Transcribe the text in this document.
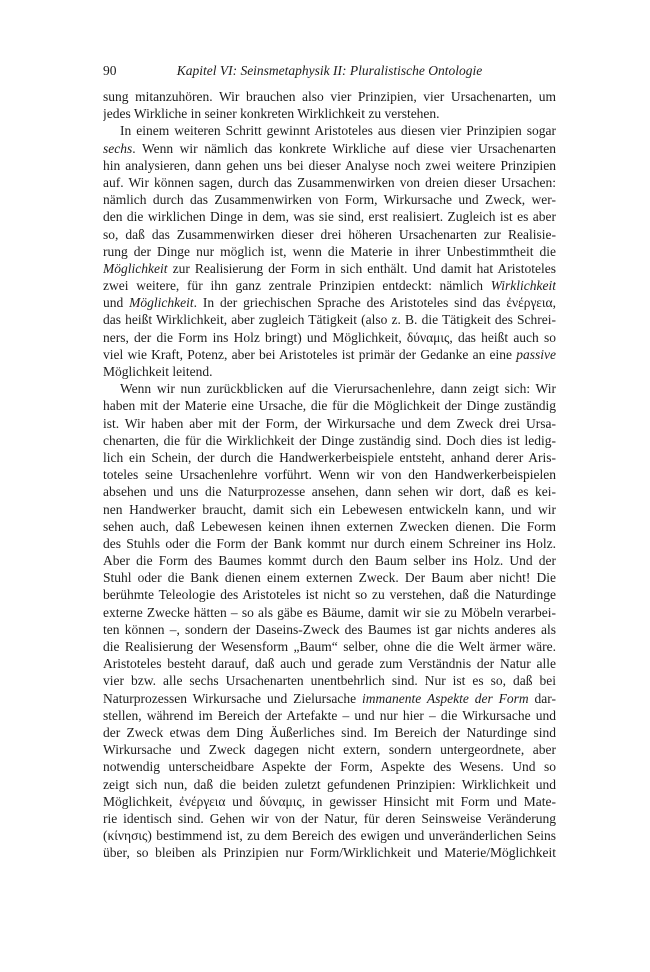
90	Kapitel VI: Seinsmetaphysik II: Pluralistische Ontologie
sung mitanzuhören. Wir brauchen also vier Prinzipien, vier Ursachenarten, um
jedes Wirkliche in seiner konkreten Wirklichkeit zu verstehen.
In einem weiteren Schritt gewinnt Aristoteles aus diesen vier Prinzipien sogar
sechs. Wenn wir nämlich das konkrete Wirkliche auf diese vier Ursachenarten
hin analysieren, dann gehen uns bei dieser Analyse noch zwei weitere Prinzipien
auf. Wir können sagen, durch das Zusammenwirken von dreien dieser Ursachen:
nämlich durch das Zusammenwirken von Form, Wirkursache und Zweck, wer-
den die wirklichen Dinge in dem, was sie sind, erst realisiert. Zugleich ist es aber
so, daß das Zusammenwirken dieser drei höheren Ursachenarten zur Realisie-
rung der Dinge nur möglich ist, wenn die Materie in ihrer Unbestimmtheit die
Möglichkeit zur Realisierung der Form in sich enthält. Und damit hat Aristoteles
zwei weitere, für ihn ganz zentrale Prinzipien entdeckt: nämlich Wirklichkeit
und Möglichkeit. In der griechischen Sprache des Aristoteles sind das ἐνέργεια,
das heißt Wirklichkeit, aber zugleich Tätigkeit (also z. B. die Tätigkeit des Schrei-
ners, der die Form ins Holz bringt) und Möglichkeit, δύναμις, das heißt auch so
viel wie Kraft, Potenz, aber bei Aristoteles ist primär der Gedanke an eine passive
Möglichkeit leitend.
Wenn wir nun zurückblicken auf die Vierursachenlehre, dann zeigt sich: Wir
haben mit der Materie eine Ursache, die für die Möglichkeit der Dinge zuständig
ist. Wir haben aber mit der Form, der Wirkursache und dem Zweck drei Ursa-
chenarten, die für die Wirklichkeit der Dinge zuständig sind. Doch dies ist ledig-
lich ein Schein, der durch die Handwerkerbeispiele entsteht, anhand derer Aris-
toteles seine Ursachenlehre vorführt. Wenn wir von den Handwerkerbeispielen
absehen und uns die Naturprozesse ansehen, dann sehen wir dort, daß es kei-
nen Handwerker braucht, damit sich ein Lebewesen entwickeln kann, und wir
sehen auch, daß Lebewesen keinen ihnen externen Zwecken dienen. Die Form
des Stuhls oder die Form der Bank kommt nur durch einem Schreiner ins Holz.
Aber die Form des Baumes kommt durch den Baum selber ins Holz. Und der
Stuhl oder die Bank dienen einem externen Zweck. Der Baum aber nicht! Die
berühmte Teleologie des Aristoteles ist nicht so zu verstehen, daß die Naturdinge
externe Zwecke hätten – so als gäbe es Bäume, damit wir sie zu Möbeln verarbei-
ten können –, sondern der Daseins-Zweck des Baumes ist gar nichts anderes als
die Realisierung der Wesensform „Baum“ selber, ohne die die Welt ärmer wäre.
Aristoteles besteht darauf, daß auch und gerade zum Verständnis der Natur alle
vier bzw. alle sechs Ursachenarten unentbehrlich sind. Nur ist es so, daß bei
Naturprozessen Wirkursache und Zielursache immanente Aspekte der Form dar-
stellen, während im Bereich der Artefakte – und nur hier – die Wirkursache und
der Zweck etwas dem Ding Äußerliches sind. Im Bereich der Naturdinge sind
Wirkursache und Zweck dagegen nicht extern, sondern untergeordnete, aber
notwendig unterscheidbare Aspekte der Form, Aspekte des Wesens. Und so
zeigt sich nun, daß die beiden zuletzt gefundenen Prinzipien: Wirklichkeit und
Möglichkeit, ἐνέργεια und δύναμις, in gewisser Hinsicht mit Form und Mate-
rie identisch sind. Gehen wir von der Natur, für deren Seinsweise Veränderung
(κίνησις) bestimmend ist, zu dem Bereich des ewigen und unveränderlichen Seins
über, so bleiben als Prinzipien nur Form/Wirklichkeit und Materie/Möglichkeit
